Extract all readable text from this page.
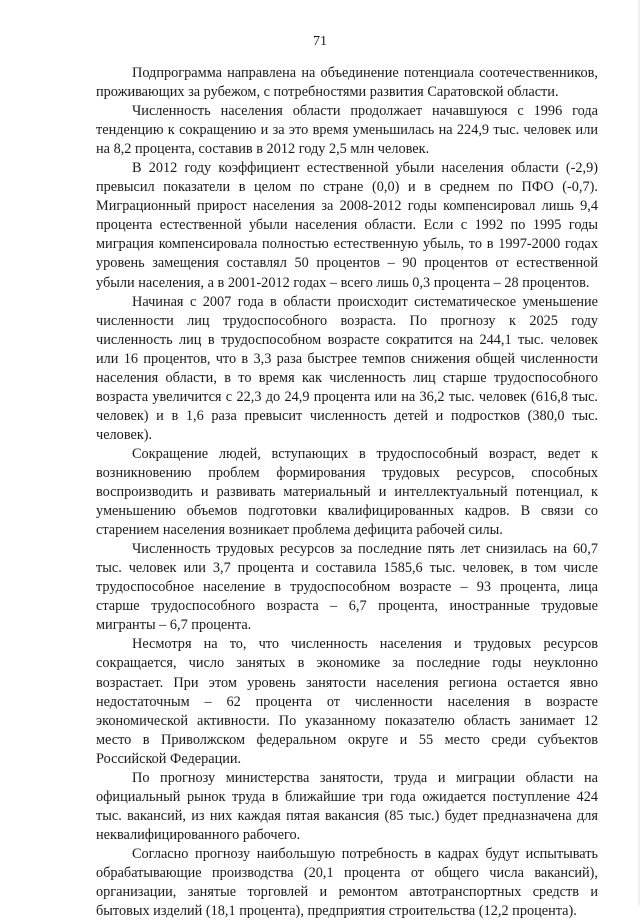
71

Подпрограмма направлена на объединение потенциала соотечественников, проживающих за рубежом, с потребностями развития Саратовской области.

Численность населения области продолжает начавшуюся с 1996 года тенденцию к сокращению и за это время уменьшилась на 224,9 тыс. человек или на 8,2 процента, составив в 2012 году 2,5 млн человек.

В 2012 году коэффициент естественной убыли населения области (-2,9) превысил показатели в целом по стране (0,0) и в среднем по ПФО (-0,7). Миграционный прирост населения за 2008-2012 годы компенсировал лишь 9,4 процента естественной убыли населения области. Если с 1992 по 1995 годы миграция компенсировала полностью естественную убыль, то в 1997-2000 годах уровень замещения составлял 50 процентов – 90 процентов от естественной убыли населения, а в 2001-2012 годах – всего лишь 0,3 процента – 28 процентов.

Начиная с 2007 года в области происходит систематическое уменьшение численности лиц трудоспособного возраста. По прогнозу к 2025 году численность лиц в трудоспособном возрасте сократится на 244,1 тыс. человек или 16 процентов, что в 3,3 раза быстрее темпов снижения общей численности населения области, в то время как численность лиц старше трудоспособного возраста увеличится с 22,3 до 24,9 процента или на 36,2 тыс. человек (616,8 тыс. человек) и в 1,6 раза превысит численность детей и подростков (380,0 тыс. человек).

Сокращение людей, вступающих в трудоспособный возраст, ведет к возникновению проблем формирования трудовых ресурсов, способных воспроизводить и развивать материальный и интеллектуальный потенциал, к уменьшению объемов подготовки квалифицированных кадров. В связи со старением населения возникает проблема дефицита рабочей силы.

Численность трудовых ресурсов за последние пять лет снизилась на 60,7 тыс. человек или 3,7 процента и составила 1585,6 тыс. человек, в том числе трудоспособное население в трудоспособном возрасте – 93 процента, лица старше трудоспособного возраста – 6,7 процента, иностранные трудовые мигранты – 6,7 процента.

Несмотря на то, что численность населения и трудовых ресурсов сокращается, число занятых в экономике за последние годы неуклонно возрастает. При этом уровень занятости населения региона остается явно недостаточным – 62 процента от численности населения в возрасте экономической активности. По указанному показателю область занимает 12 место в Приволжском федеральном округе и 55 место среди субъектов Российской Федерации.

По прогнозу министерства занятости, труда и миграции области на официальный рынок труда в ближайшие три года ожидается поступление 424 тыс. вакансий, из них каждая пятая вакансия (85 тыс.) будет предназначена для неквалифицированного рабочего.

Согласно прогнозу наибольшую потребность в кадрах будут испытывать обрабатывающие производства (20,1 процента от общего числа вакансий), организации, занятые торговлей и ремонтом автотранспортных средств и бытовых изделий (18,1 процента), предприятия строительства (12,2 процента).
